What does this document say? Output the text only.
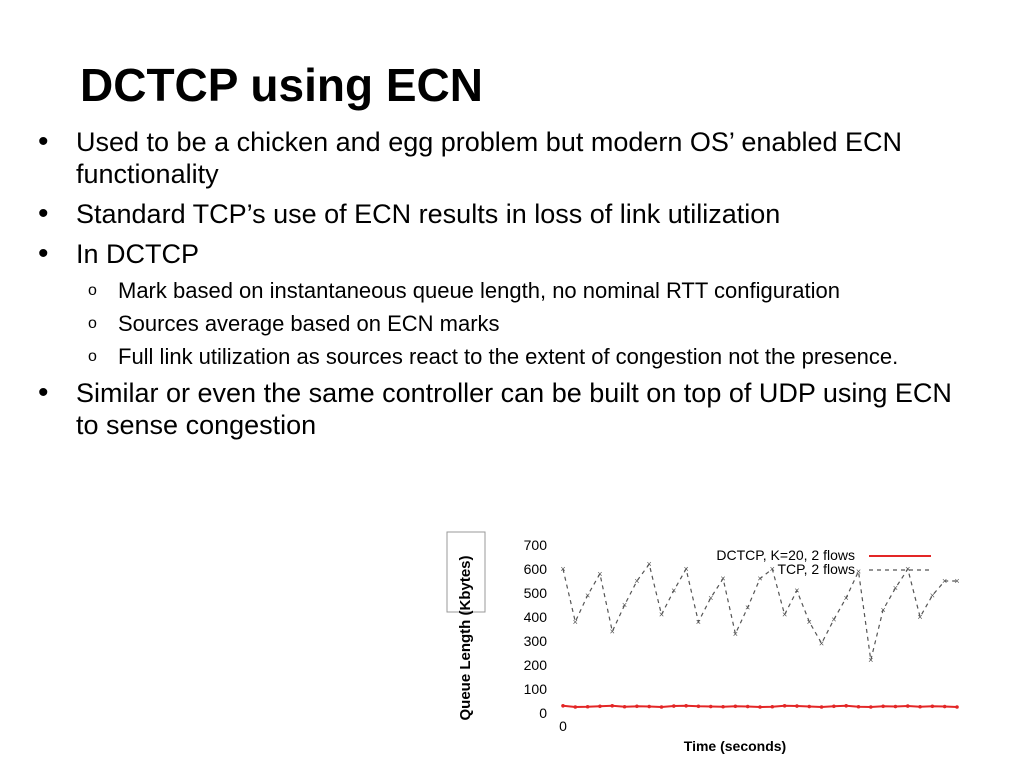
DCTCP using ECN
•	Used to be a chicken and egg problem but modern OS’ enabled ECN functionality
•	Standard TCP’s use of ECN results in loss of link utilization
•	In DCTCP
o Mark based on instantaneous queue length, no nominal RTT configuration
o Sources average based on ECN marks
o Full link utilization as sources react to the extent of congestion not the presence.
•	Similar or even the same controller can be built on top of UDP using ECN to sense congestion
Queue Length (Kbytes)
Time (seconds)
0
100
200
300
400
500
600
700
0
×
×
×
×
×
×
×
×
×
×
×
×
×
×
×
×
×
×
×
×
×
×
×
×
×
×
×
×
×
×
×
× ×
DCTCP, K=20, 2 flows
TCP, 2 flows
